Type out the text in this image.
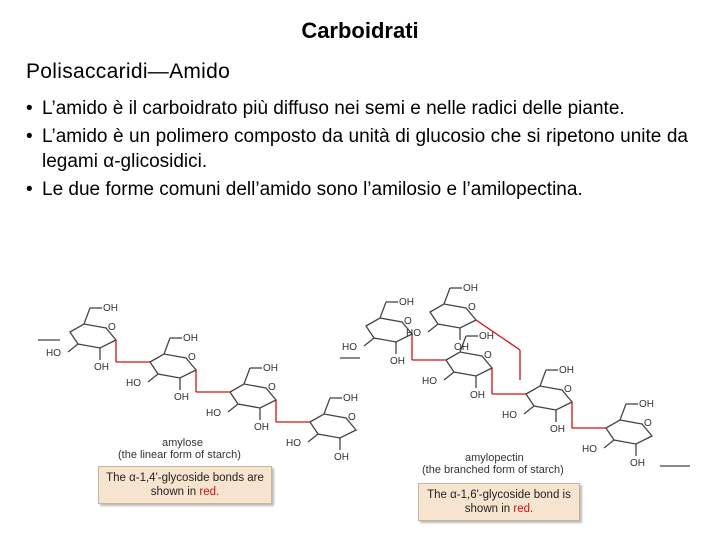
Carboidrati
Polisaccaridi—Amido
• L’amido è il carboidrato più diffuso nei semi e nelle radici delle piante.
• L’amido è un polimero composto da unità di glucosio che si ripetono unite da legami α-glicosidici.
• Le due forme comuni dell’amido sono l’amilosio e l’amilopectina.
OH
O
OH
HO
OH
O
OH
HO
OH
O
OH
HO
OH
O
OH
HO
OH
O
OH
HO
OH
O
OH
HO
OH
O
OH
HO
OH
O
OH
HO
OH
O
OH
HO
amylose
(the linear form of starch)	amylopectin
(the branched form of starch)
The α-1,4'-glycoside bonds are shown in red.	The α-1,6'-glycoside bond is shown in red.
